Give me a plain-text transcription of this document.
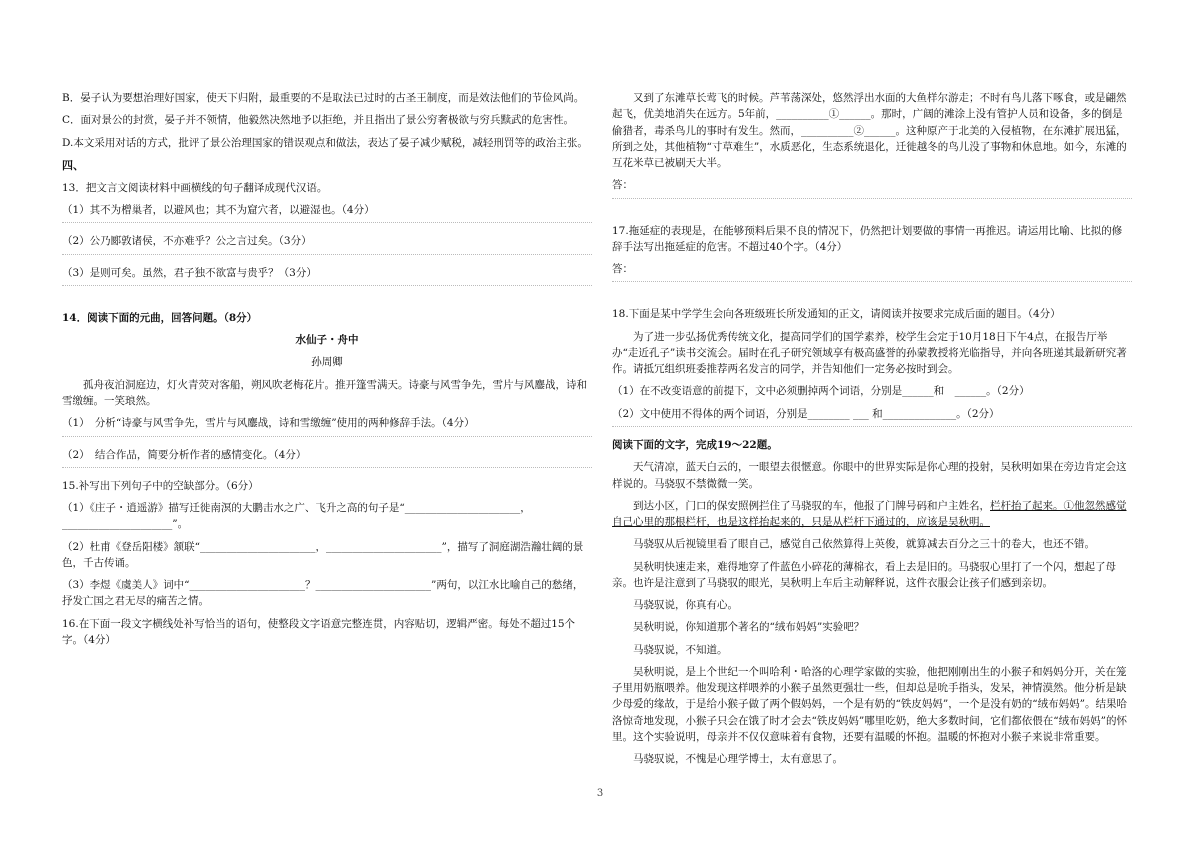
B．晏子认为要想治理好国家，使天下归附，最重要的不是取法已过时的古圣王制度，而是效法他们的节俭风尚。

C．面对景公的封赏，晏子并不领情，他毅然决然地予以拒绝，并且指出了景公穷奢极欲与穷兵黩武的危害性。

D.本文采用对话的方式，批评了景公治理国家的错误观点和做法，表达了晏子减少赋税，减轻刑罚等的政治主张。

四、

13．把文言文阅读材料中画横线的句子翻译成现代汉语。

（1）其不为橧巢者，以避风也；其不为窟穴者，以避湿也。（4分）

（2）公乃郾敦诸侯，不亦难乎？公之言过矣。（3分）

（3）是则可矣。虽然，君子独不欲富与贵乎？（3分）

14．阅读下面的元曲，回答问题。（8分）

水仙子・舟中

孙周卿

孤舟夜泊洞庭边，灯火青荧对客船，朔风吹老梅花片。推开篷雪满天。诗豪与风雪争先，雪片与风鏖战，诗和雪缴缠。一笑琅然。

（1）　分析“诗豪与风雪争先，雪片与风鏖战，诗和雪缴缠”使用的两种修辞手法。（4分）

（2）　结合作品，简要分析作者的感情变化。（4分）

15.补写出下列句子中的空缺部分。（6分）

（1）《庄子・逍遥游》描写迁徙南溟的大鹏击水之广、飞升之高的句子是“______________________，_____________________”。

（2）杜甫《登岳阳楼》颔联“______________________，______________________”，描写了洞庭湖浩瀚壮阔的景色，千古传诵。

（3）李煜《虞美人》词中“______________________？______________________”两句，以江水比喻自己的愁绪，抒发亡国之君无尽的痛苦之情。

16.在下面一段文字横线处补写恰当的语句，使整段文字语意完整连贯，内容贴切，逻辑严密。每处不超过15个字。（4分）

又到了东滩草长莺飞的时候。芦苇荡深处，悠然浮出水面的大鱼样尔游走；不时有鸟儿落下啄食，或是翩然起飞，优美地消失在远方。5年前，__________①______。那时，广阔的滩涂上没有管护人员和设备，多的倒是偷猎者，毒杀鸟儿的事时有发生。然而，__________②______。这种原产于北美的入侵植物，在东滩扩展迅猛，所到之处，其他植物“寸草难生”，水质恶化，生态系统退化，迁徙越冬的鸟儿没了事物和休息地。如今，东滩的互花米草已被刷天大半。

答：

17.拖延症的表现是，在能够预料后果不良的情况下，仍然把计划要做的事情一再推迟。请运用比喻、比拟的修辞手法写出拖延症的危害。不超过40个字。（4分）

答：

18.下面是某中学学生会向各班级班长所发通知的正文，请阅读并按要求完成后面的题目。（4分）

为了进一步弘扬优秀传统文化，提高同学们的国学素养，校学生会定于10月18日下午4点，在报告厅举办“走近孔子”读书交流会。届时在孔子研究领域享有极高盛誉的孙蒙教授将光临指导，并向各班递其最新研究著作。请抵冗组织班委推荐两名发言的同学，并告知他们一定务必按时到会。

（1）在不改变语意的前提下，文中必须删掉两个词语，分别是______和　______。（2分）

（2）文中使用不得体的两个词语，分别是________ ___ 和______________。（2分）

阅读下面的文字，完成19～22题。

天气清凉，蓝天白云的，一眼望去很惬意。你眼中的世界实际是你心理的投射，吴秋明如果在旁边肯定会这样说的。马骁驭不禁微微一笑。

到达小区，门口的保安照例拦住了马骁驭的车，他报了门牌号码和户主姓名，栏杆抬了起来。①他忽然感觉自己心里的那根栏杆，也是这样抬起来的，只是从栏杆下通过的，应该是吴秋明。

马骁驭从后视镜里看了眼自己，感觉自己依然算得上英俊，就算减去百分之三十的卷大，也还不错。

吴秋明快速走来，难得地穿了件蓝色小碎花的薄棉衣，看上去是旧的。马骁驭心里打了一个闪，想起了母亲。也许是注意到了马骁驭的眼光，吴秋明上车后主动解释说，这件衣服会让孩子们感到亲切。

马骁驭说，你真有心。

吴秋明说，你知道那个著名的“绒布妈妈”实验吧？

马骁驭说，不知道。

吴秋明说，是上个世纪一个叫哈利・哈洛的心理学家做的实验，他把刚刚出生的小猴子和妈妈分开，关在笼子里用奶瓶喂养。他发现这样喂养的小猴子虽然更强壮一些，但却总是吮手指头，发呆，神情漠然。他分析是缺少母爱的缘故，于是给小猴子做了两个假妈妈，一个是有奶的“铁皮妈妈”，一个是没有奶的“绒布妈妈”。结果哈洛惊奇地发现，小猴子只会在饿了时才会去“铁皮妈妈”哪里吃奶，绝大多数时间，它们都依偎在“绒布妈妈”的怀里。这个实验说明，母亲并不仅仅意味着有食物，还要有温暖的怀抱。温暖的怀抱对小猴子来说非常重要。

马骁驭说，不愧是心理学博士，太有意思了。

3
